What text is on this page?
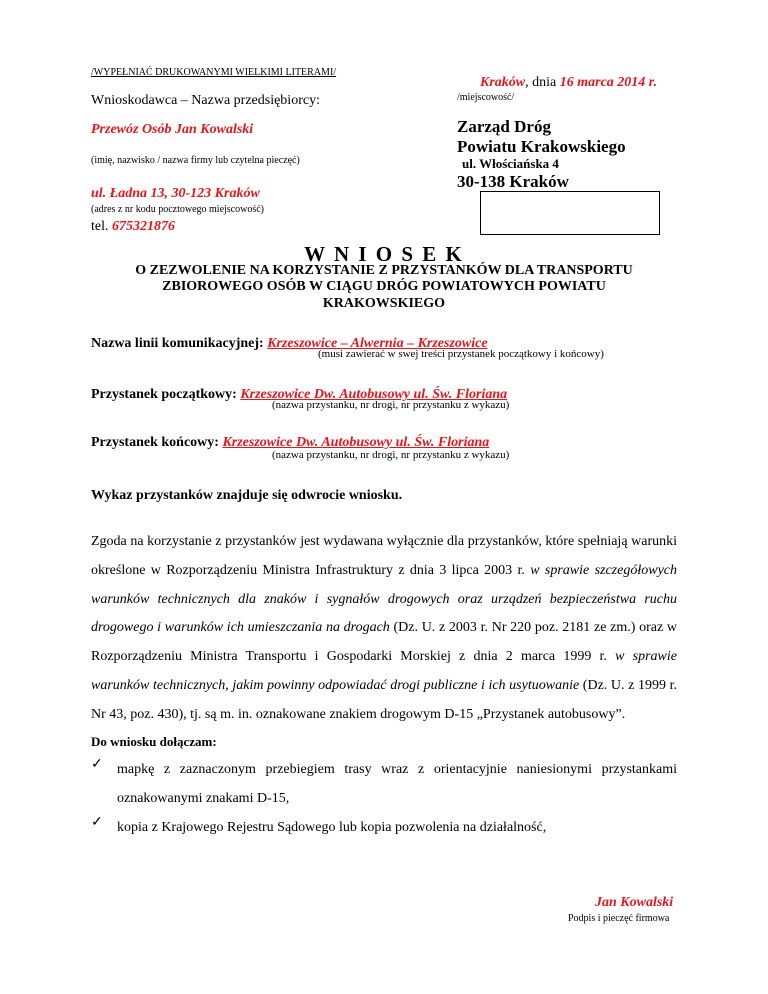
/WYPEŁNIAĆ DRUKOWANYMI WIELKIMI LITERAMI/
Kraków, dnia 16 marca 2014 r.
/miejscowość/
Wnioskodawca – Nazwa przedsiębiorcy:
Przewóz Osób Jan Kowalski
(imię, nazwisko / nazwa firmy lub czytelna pieczęć)
Zarząd Dróg
Powiatu Krakowskiego
ul. Włościańska 4
30-138 Kraków
ul. Ładna 13, 30-123 Kraków
(adres z nr kodu pocztowego miejscowość)
tel. 675321876
W N I O S E K
O ZEZWOLENIE NA KORZYSTANIE Z PRZYSTANKÓW DLA TRANSPORTU
ZBIOROWEGO OSÓB W CIĄGU DRÓG POWIATOWYCH POWIATU
KRAKOWSKIEGO
Nazwa linii komunikacyjnej: Krzeszowice – Alwernia – Krzeszowice
(musi zawierać w swej treści przystanek początkowy i końcowy)
Przystanek początkowy: Krzeszowice Dw. Autobusowy ul. Św. Floriana
(nazwa przystanku, nr drogi, nr przystanku z wykazu)
Przystanek końcowy: Krzeszowice Dw. Autobusowy ul. Św. Floriana
(nazwa przystanku, nr drogi, nr przystanku z wykazu)
Wykaz przystanków znajduje się odwrocie wniosku.
Zgoda na korzystanie z przystanków jest wydawana wyłącznie dla przystanków, które spełniają warunki określone w Rozporządzeniu Ministra Infrastruktury z dnia 3 lipca 2003 r. w sprawie szczegółowych warunków technicznych dla znaków i sygnałów drogowych oraz urządzeń bezpieczeństwa ruchu drogowego i warunków ich umieszczania na drogach (Dz. U. z 2003 r. Nr 220 poz. 2181 ze zm.) oraz w Rozporządzeniu Ministra Transportu i Gospodarki Morskiej z dnia 2 marca 1999 r. w sprawie warunków technicznych, jakim powinny odpowiadać drogi publiczne i ich usytuowanie (Dz. U. z 1999 r. Nr 43, poz. 430), tj. są m. in. oznakowane znakiem drogowym D-15 „Przystanek autobusowy”.
Do wniosku dołączam:
✓	mapkę z zaznaczonym przebiegiem trasy wraz z orientacyjnie naniesionymi przystankami oznakowanymi znakami D-15,
✓	kopia z Krajowego Rejestru Sądowego lub kopia pozwolenia na działalność,
Jan Kowalski
Podpis i pieczęć firmowa
